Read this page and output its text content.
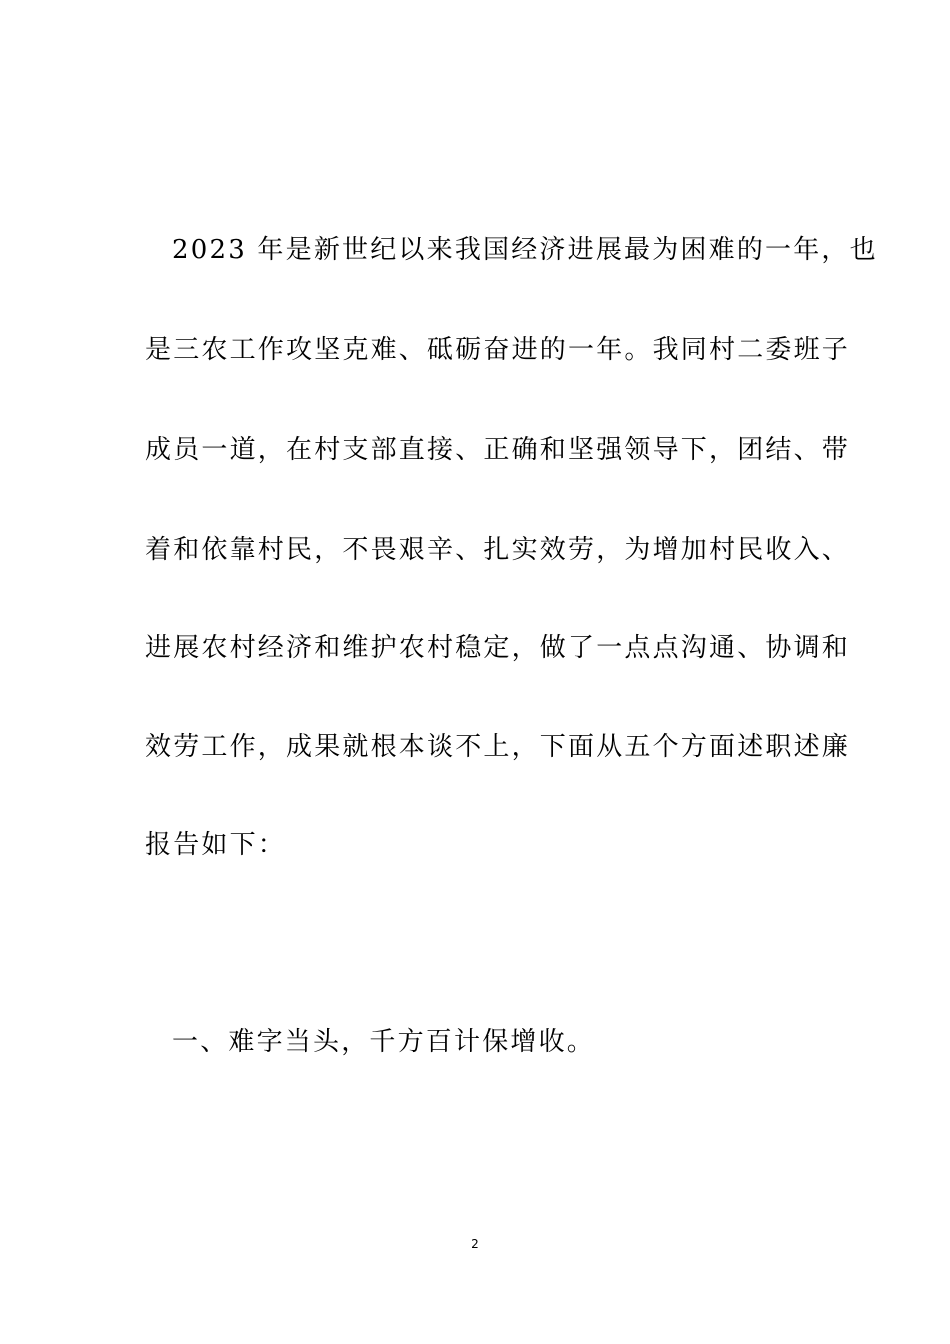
2023 年是新世纪以来我国经济进展最为困难的一年，也
是三农工作攻坚克难、砥砺奋进的一年。我同村二委班子
成员一道，在村支部直接、正确和坚强领导下，团结、带
着和依靠村民，不畏艰辛、扎实效劳，为增加村民收入、
进展农村经济和维护农村稳定，做了一点点沟通、协调和
效劳工作，成果就根本谈不上，下面从五个方面述职述廉
报告如下：
一、难字当头，千方百计保增收。
2
